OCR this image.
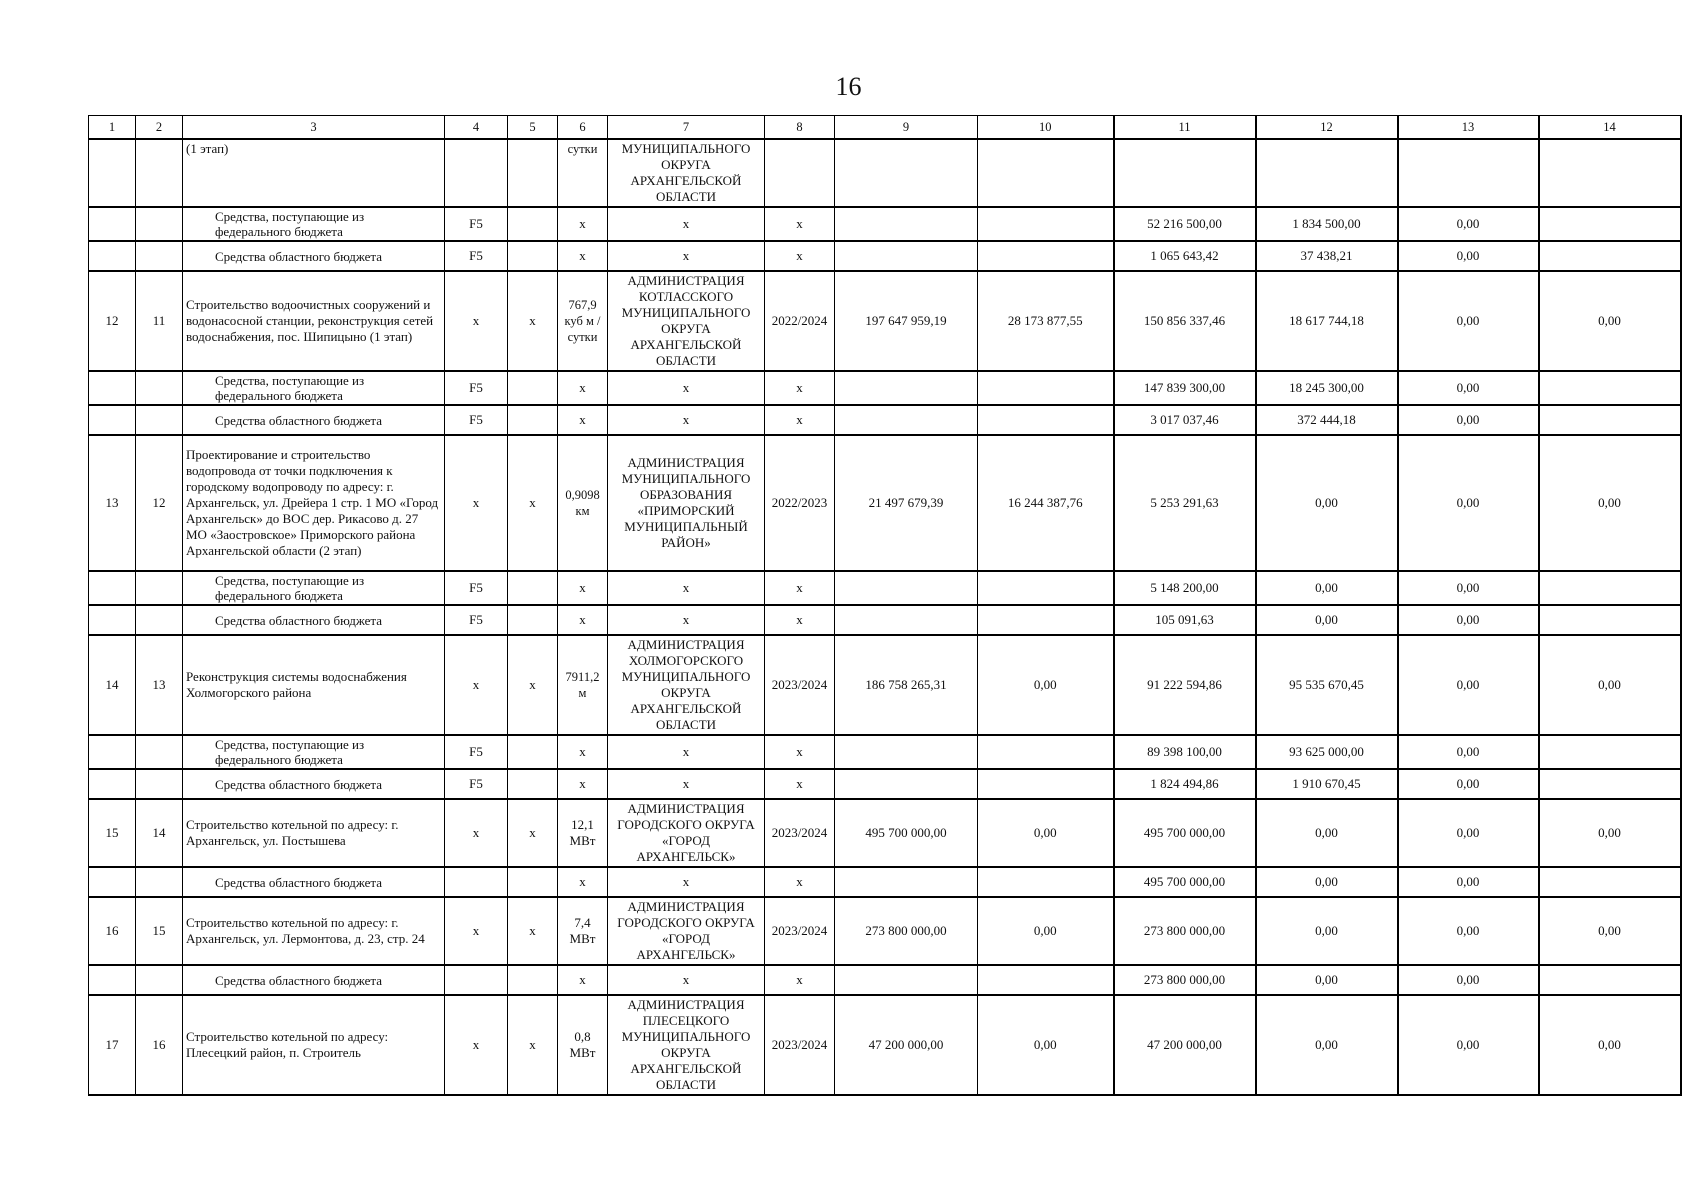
16
1	2	3	4	5	6	7	8	9	10	11	12	13	14
		(1 этап)			сутки	МУНИЦИПАЛЬНОГО ОКРУГА АРХАНГЕЛЬСКОЙ ОБЛАСТИ							
		Средства, поступающие из федерального бюджета	F5		х	х	х			52 216 500,00	1 834 500,00	0,00	
		Средства областного бюджета	F5		х	х	х			1 065 643,42	37 438,21	0,00	
12	11	Строительство водоочистных сооружений и водонасосной станции, реконструкция сетей водоснабжения, пос. Шипицыно (1 этап)	х	х	767,9 куб м / сутки	АДМИНИСТРАЦИЯ КОТЛАССКОГО МУНИЦИПАЛЬНОГО ОКРУГА АРХАНГЕЛЬСКОЙ ОБЛАСТИ	2022/2024	197 647 959,19	28 173 877,55	150 856 337,46	18 617 744,18	0,00	0,00
		Средства, поступающие из федерального бюджета	F5		х	х	х			147 839 300,00	18 245 300,00	0,00	
		Средства областного бюджета	F5		х	х	х			3 017 037,46	372 444,18	0,00	
13	12	Проектирование и строительство водопровода от точки подключения к городскому водопроводу по адресу: г. Архангельск, ул. Дрейера 1 стр. 1 МО «Город Архангельск» до ВОС дер. Рикасово д. 27 МО «Заостровское» Приморского района Архангельской области (2 этап)	х	х	0,9098 км	АДМИНИСТРАЦИЯ МУНИЦИПАЛЬНОГО ОБРАЗОВАНИЯ «ПРИМОРСКИЙ МУНИЦИПАЛЬНЫЙ РАЙОН»	2022/2023	21 497 679,39	16 244 387,76	5 253 291,63	0,00	0,00	0,00
		Средства, поступающие из федерального бюджета	F5		х	х	х			5 148 200,00	0,00	0,00	
		Средства областного бюджета	F5		х	х	х			105 091,63	0,00	0,00	
14	13	Реконструкция системы водоснабжения Холмогорского района	х	х	7911,2 м	АДМИНИСТРАЦИЯ ХОЛМОГОРСКОГО МУНИЦИПАЛЬНОГО ОКРУГА АРХАНГЕЛЬСКОЙ ОБЛАСТИ	2023/2024	186 758 265,31	0,00	91 222 594,86	95 535 670,45	0,00	0,00
		Средства, поступающие из федерального бюджета	F5		х	х	х			89 398 100,00	93 625 000,00	0,00	
		Средства областного бюджета	F5		х	х	х			1 824 494,86	1 910 670,45	0,00	
15	14	Строительство котельной по адресу: г. Архангельск, ул. Постышева	х	х	12,1 МВт	АДМИНИСТРАЦИЯ ГОРОДСКОГО ОКРУГА «ГОРОД АРХАНГЕЛЬСК»	2023/2024	495 700 000,00	0,00	495 700 000,00	0,00	0,00	0,00
		Средства областного бюджета			х	х	х			495 700 000,00	0,00	0,00	
16	15	Строительство котельной по адресу: г. Архангельск, ул. Лермонтова, д. 23, стр. 24	х	х	7,4 МВт	АДМИНИСТРАЦИЯ ГОРОДСКОГО ОКРУГА «ГОРОД АРХАНГЕЛЬСК»	2023/2024	273 800 000,00	0,00	273 800 000,00	0,00	0,00	0,00
		Средства областного бюджета			х	х	х			273 800 000,00	0,00	0,00	
17	16	Строительство котельной по адресу: Плесецкий район, п. Строитель	х	х	0,8 МВт	АДМИНИСТРАЦИЯ ПЛЕСЕЦКОГО МУНИЦИПАЛЬНОГО ОКРУГА АРХАНГЕЛЬСКОЙ ОБЛАСТИ	2023/2024	47 200 000,00	0,00	47 200 000,00	0,00	0,00	0,00
